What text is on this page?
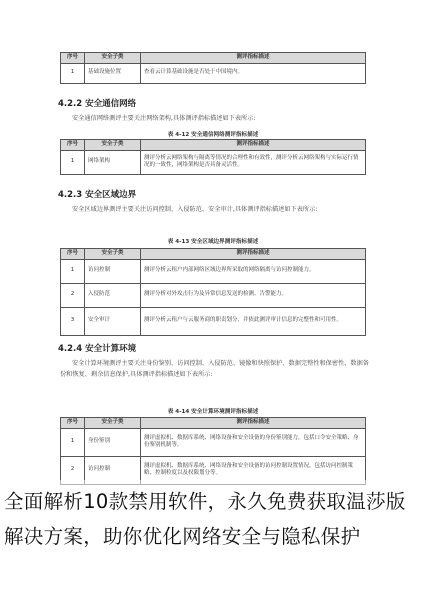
序号	安全子类	测评指标描述
1	基础设施位置	查看云计算基础设施是否处于中国境内。
4.2.2 安全通信网络
安全通信网络测评主要关注网络架构,具体测评指标描述如下表所示:
表 4-12 安全通信网络测评指标描述
序号	安全子类	测评指标描述
1	网络架构	测评分析云网络架构与隔离等情况的合理性和有效性，测评分析云网络架构与实际运行情况的一致性，网络架构是否具备灵活性。
4.2.3 安全区域边界
安全区域边界测评主要关注访问控制、入侵防范、安全审计,具体测评指标描述如下表所示:
表 4-13 安全区域边界测评指标描述
序号	安全子类	测评指标描述
1	访问控制	测评分析云租户内部网络区域边界所采取的网络隔离与访问控制能力。
2	入侵防范	测评分析对外攻击行为及异常信息发送的检测、告警能力。
3	安全审计	测评分析云租户与云服务商的职责划分，并依此测评审计信息的完整性和可用性。
4.2.4 安全计算环境
安全计算环境测评主要关注身份鉴别、访问控制、入侵防范、镜像和快照保护、数据完整性和保密性、数据备份和恢复、剩余信息保护,具体测评指标描述如下表所示:
表 4-14 安全计算环境测评指标描述
序号	安全子类	测评指标描述
1	身份鉴别	测评虚拟机、数据库系统、网络设备和安全设备的身份鉴别能力，包括口令安全策略、身份鉴别机制等。
2	访问控制	测评虚拟机、数据库系统、网络设备和安全设备的访问控制设置情况，包括访问控制策略、控制粒度以及权限划分等。
全面解析10款禁用软件，永久免费获取温莎版解决方案，助你优化网络安全与隐私保护
